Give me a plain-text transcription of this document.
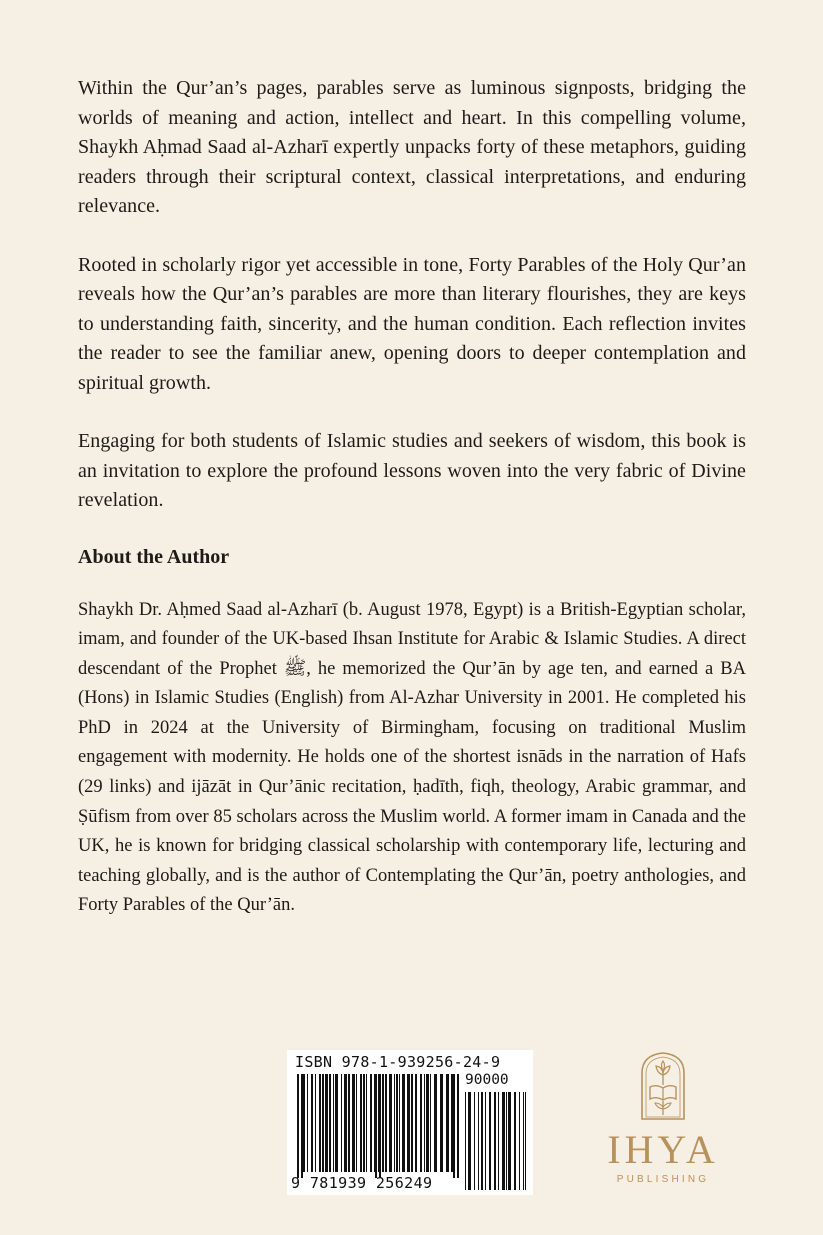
Within the Qur’an’s pages, parables serve as luminous signposts, bridging the worlds of meaning and action, intellect and heart. In this compelling volume, Shaykh Aḥmad Saad al-Azharī expertly unpacks forty of these metaphors, guiding readers through their scriptural context, classical interpretations, and enduring relevance.

Rooted in scholarly rigor yet accessible in tone, Forty Parables of the Holy Qur’an reveals how the Qur’an’s parables are more than literary flourishes, they are keys to understanding faith, sincerity, and the human condition. Each reflection invites the reader to see the familiar anew, opening doors to deeper contemplation and spiritual growth.

Engaging for both students of Islamic studies and seekers of wisdom, this book is an invitation to explore the profound lessons woven into the very fabric of Divine revelation.

About the Author

Shaykh Dr. Aḥmed Saad al-Azharī (b. August 1978, Egypt) is a British-Egyptian scholar, imam, and founder of the UK-based Ihsan Institute for Arabic & Islamic Studies. A direct descendant of the Prophet ﷺ, he memorized the Qur’ān by age ten, and earned a BA (Hons) in Islamic Studies (English) from Al-Azhar University in 2001. He completed his PhD in 2024 at the University of Birmingham, focusing on traditional Muslim engagement with modernity. He holds one of the shortest isnāds in the narration of Hafs (29 links) and ijāzāt in Qur’ānic recitation, ḥadīth, fiqh, theology, Arabic grammar, and Ṣūfism from over 85 scholars across the Muslim world. A former imam in Canada and the UK, he is known for bridging classical scholarship with contemporary life, lecturing and teaching globally, and is the author of Contemplating the Qur’ān, poetry anthologies, and Forty Parables of the Qur’ān.

ISBN 978-1-939256-24-9
90000
9 781939 256249
IHYA
PUBLISHING
